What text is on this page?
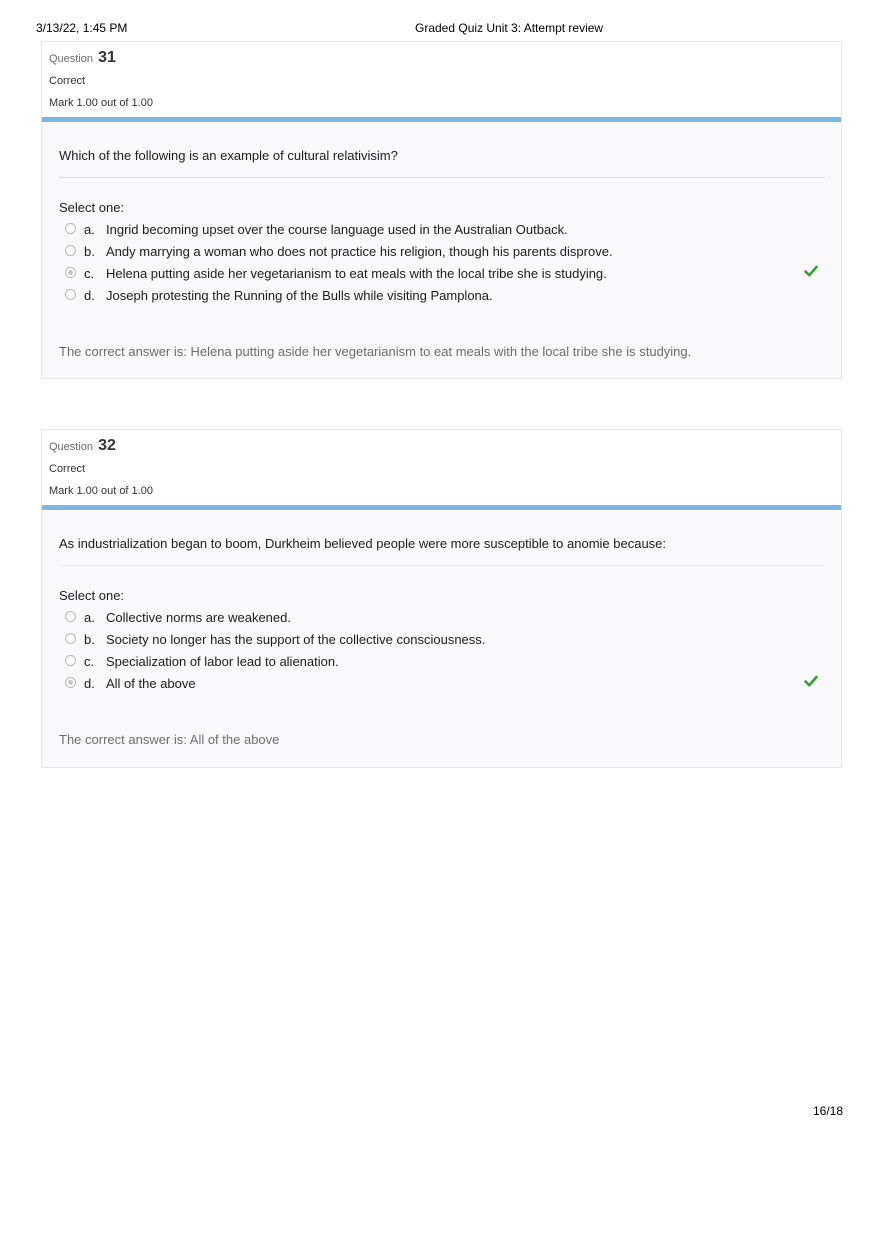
3/13/22, 1:45 PM	Graded Quiz Unit 3: Attempt review
Question 31
Correct
Mark 1.00 out of 1.00
Which of the following is an example of cultural relativisim?
Select one:
a. Ingrid becoming upset over the course language used in the Australian Outback.
b. Andy marrying a woman who does not practice his religion, though his parents disprove.
c. Helena putting aside her vegetarianism to eat meals with the local tribe she is studying.
d. Joseph protesting the Running of the Bulls while visiting Pamplona.
The correct answer is: Helena putting aside her vegetarianism to eat meals with the local tribe she is studying.
Question 32
Correct
Mark 1.00 out of 1.00
As industrialization began to boom, Durkheim believed people were more susceptible to anomie because:
Select one:
a. Collective norms are weakened.
b. Society no longer has the support of the collective consciousness.
c. Specialization of labor lead to alienation.
d. All of the above
The correct answer is: All of the above
16/18
